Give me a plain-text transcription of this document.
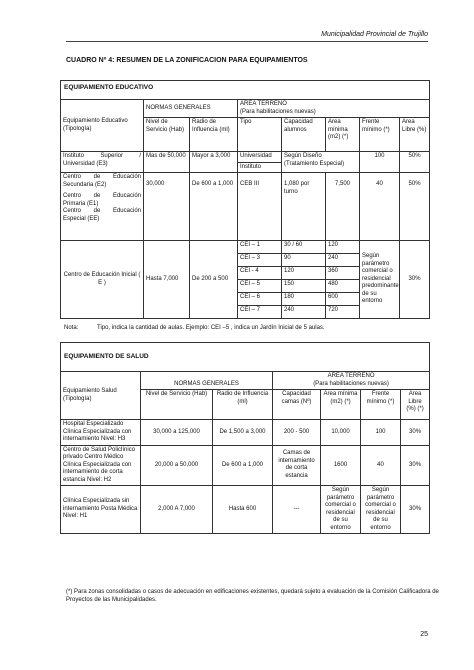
Municipalidad Provincial de Trujillo
CUADRO Nº 4: RESUMEN DE LA ZONIFICACION PARA EQUIPAMIENTOS
EQUIPAMIENTO EDUCATIVO							
Equipamiento Educativo (Tipología)	NORMAS GENERALES		AREA TERRENO
(Para habilitaciones nuevas)				

	Nivel de Servicio (Hab)	Radio de Influencia (ml)	Tipo	Capacidad alumnos	Area mínima (m2) (*)	Frente mínimo (*)	Area Libre (%)
Instituto Superior / Universidad (E3)	Mas de 50,000	Mayor a 3,000	Universidad	Según Diseño (Tratamiento Especial)		100	50%
			Instituto				

Centro de Educación Secundaria (E2)
Centro de Educación Primaria (E1)
Centro de Educación Especial (EE)	30,000	De 600 a 1,000	CEB III	1,080 por turno	7,500	40	50%
Centro de Educación Inicial ( E )	Hasta 7,000	De 200 a 500	CEI – 1	30 / 60	120	Según parámetro comercial o residencial predominante de su entorno	30%
			CEI – 3	90	240		
			CEI - 4	120	360		
			CEI – 5	150	480		
			CEI – 6	180	600		
			CEI – 7	240	720		
Nota:	Tipo, indica la cantidad de aulas. Ejemplo: CEI –5 , indica un Jardín Inicial de 5 aulas.
EQUIPAMIENTO DE SALUD						
Equipamiento Salud (Tipología)	NORMAS GENERALES		AREA TERRENO
(Para habilitaciones nuevas)			

	Nivel de Servicio (Hab)	Radio de Influencia (ml)	Capacidad camas (Nº)	Area mínima (m2) (*)	Frente mínimo (*)	Area Libre (%) (*)
Hospital Especializado Clínica Especializada con internamiento Nivel: H3	30,000 a 125,000	De 1,500 a 3,000	200 - 500	10,000	100	30%
Centro de Salud Policlínico privado Centro Médico Clínica Especializada con internamiento de corta estancia Nivel: H2	20,000 a 50,000	De 600 a 1,000	Camas de internamiento de corta estancia	1600	40	30%
Clínica Especializada sin internamiento Posta Médica Nivel: H1	2,000 A 7,000	Hasta 600	---	Según parámetro comercial o residencial de su entorno	Según parámetro comercial o residencial de su entorno	30%
(*) Para zonas consolidadas o casos de adecuación en edificaciones existentes, quedará sujeto a evaluación de la Comisión Calificadora de Proyectos de las Municipalidades.
25
